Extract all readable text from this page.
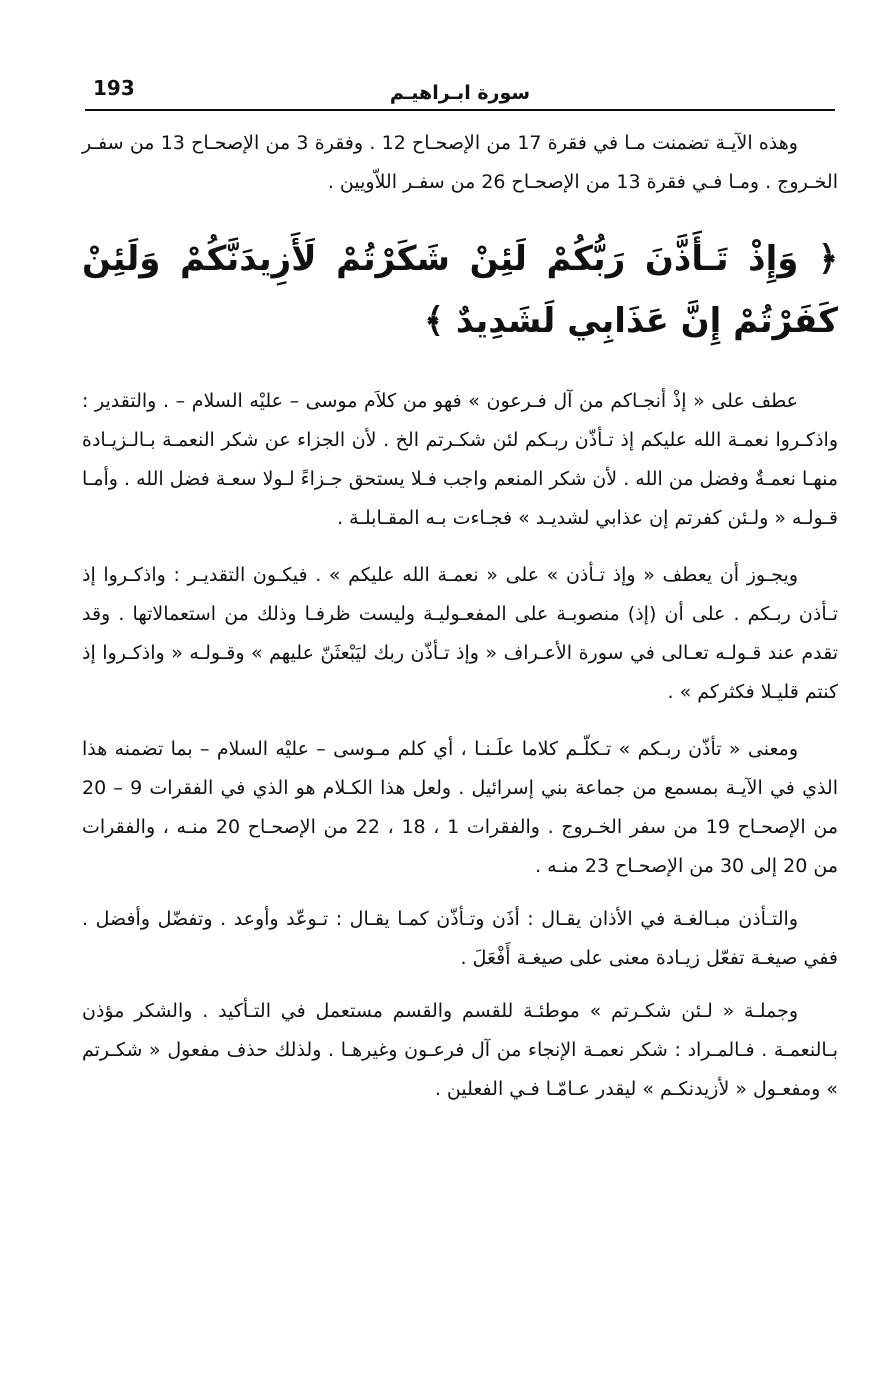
193	سورة ابـراهيـم

وهذه الآيـة تضمنت مـا في فقرة 17 من الإصحـاح 12 . وفقرة 3 من الإصحـاح 13 من سفـر الخـروج . ومـا فـي فقرة 13 من الإصحـاح 26 من سفـر اللاّويين .

﴿ وَإِذْ تَـأَذَّنَ رَبُّكُمْ لَئِنْ شَكَرْتُمْ لَأَزِيدَنَّكُمْ وَلَئِنْ كَفَرْتُمْ إِنَّ عَذَابِي لَشَدِيدٌ ﴾

عطف على « إذْ أنجـاكم من آل فـرعون » فهو من كلاَم موسى – عليْه السلام – . والتقدير : واذكـروا نعمـة الله عليكم إذ تـأذّن ربـكم لئن شكـرتم الخ . لأن الجزاء عن شكر النعمـة بـالـزيـادة منهـا نعمـةٌ وفضل من الله . لأن شكر المنعم واجب فـلا يستحق جـزاءً لـولا سعـة فضل الله . وأمـا قـولـه « ولـئن كفرتم إن عذابي لشديـد » فجـاءت بـه المقـابلـة .

ويجـوز أن يعطف « وإذ تـأذن » على « نعمـة الله عليكم » . فيكـون التقديـر : واذكـروا إذ تـأذن ربـكم . على أن (إذ) منصوبـة على المفعـوليـة وليست ظرفـا وذلك من استعمالاتها . وقد تقدم عند قـولـه تعـالى في سورة الأعـراف « وإذ تـأذّن ربك ليَبْعثَنّ عليهم » وقـولـه « واذكـروا إذ كنتم قليـلا فكثركم » .

ومعنى « تأذّن ربـكم » تـكلّـم كلاما علَـنـا ، أي كلم مـوسى – عليْه السلام – بما تضمنه هذا الذي في الآيـة بمسمع من جماعة بني إسرائيل . ولعل هذا الكـلام هو الذي في الفقرات 9 – 20 من الإصحـاح 19 من سفر الخـروج . والفقرات 1 ، 18 ، 22 من الإصحـاح 20 منـه ، والفقرات من 20 إلى 30 من الإصحـاح 23 منـه .

والتـأذن مبـالغـة في الأذان يقـال : أذَن وتـأذّن كمـا يقـال : تـوعّد وأوعد . وتفضّل وأفضل . ففي صيغـة تفعّل زيـادة معنى على صيغـة أَفْعَلَ .

وجملـة « لـئن شكـرتم » موطئـة للقسم والقسم مستعمل في التـأكيد . والشكر مؤذن بـالنعمـة . فـالمـراد : شكر نعمـة الإنجاء من آل فرعـون وغيرهـا . ولذلك حذف مفعول « شكـرتم » ومفعـول « لأزيدنكـم » ليقدر عـامّـا فـي الفعلين .
